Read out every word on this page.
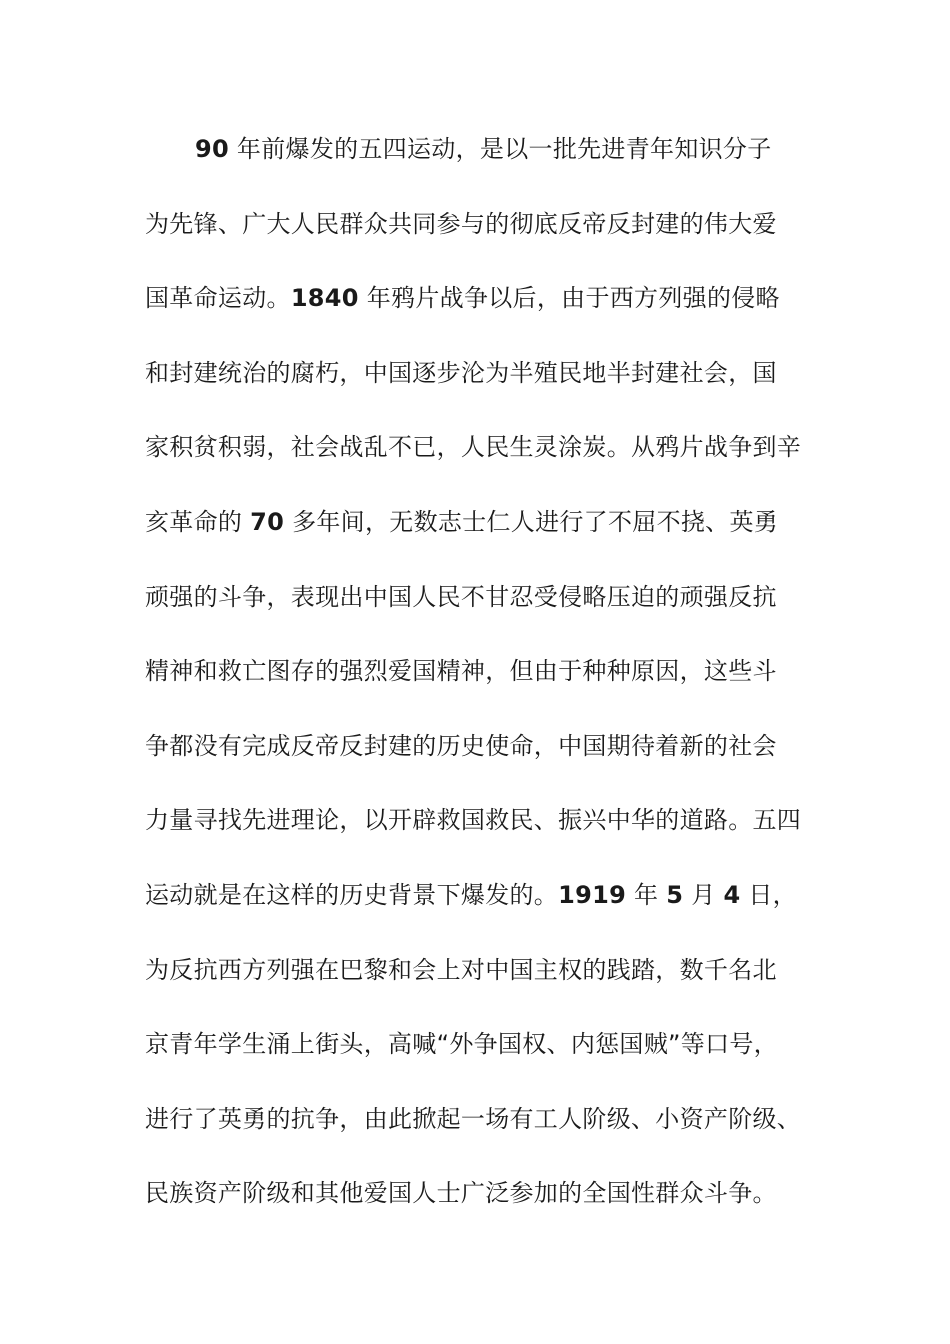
90 年前爆发的五四运动，是以一批先进青年知识分子
为先锋、广大人民群众共同参与的彻底反帝反封建的伟大爱
国革命运动。1840 年鸦片战争以后，由于西方列强的侵略
和封建统治的腐朽，中国逐步沦为半殖民地半封建社会，国
家积贫积弱，社会战乱不已，人民生灵涂炭。从鸦片战争到辛
亥革命的 70 多年间，无数志士仁人进行了不屈不挠、英勇
顽强的斗争，表现出中国人民不甘忍受侵略压迫的顽强反抗
精神和救亡图存的强烈爱国精神，但由于种种原因，这些斗
争都没有完成反帝反封建的历史使命，中国期待着新的社会
力量寻找先进理论，以开辟救国救民、振兴中华的道路。五四
运动就是在这样的历史背景下爆发的。1919 年 5 月 4 日，
为反抗西方列强在巴黎和会上对中国主权的践踏，数千名北
京青年学生涌上街头，高喊“外争国权、内惩国贼”等口号，
进行了英勇的抗争，由此掀起一场有工人阶级、小资产阶级、
民族资产阶级和其他爱国人士广泛参加的全国性群众斗争。
